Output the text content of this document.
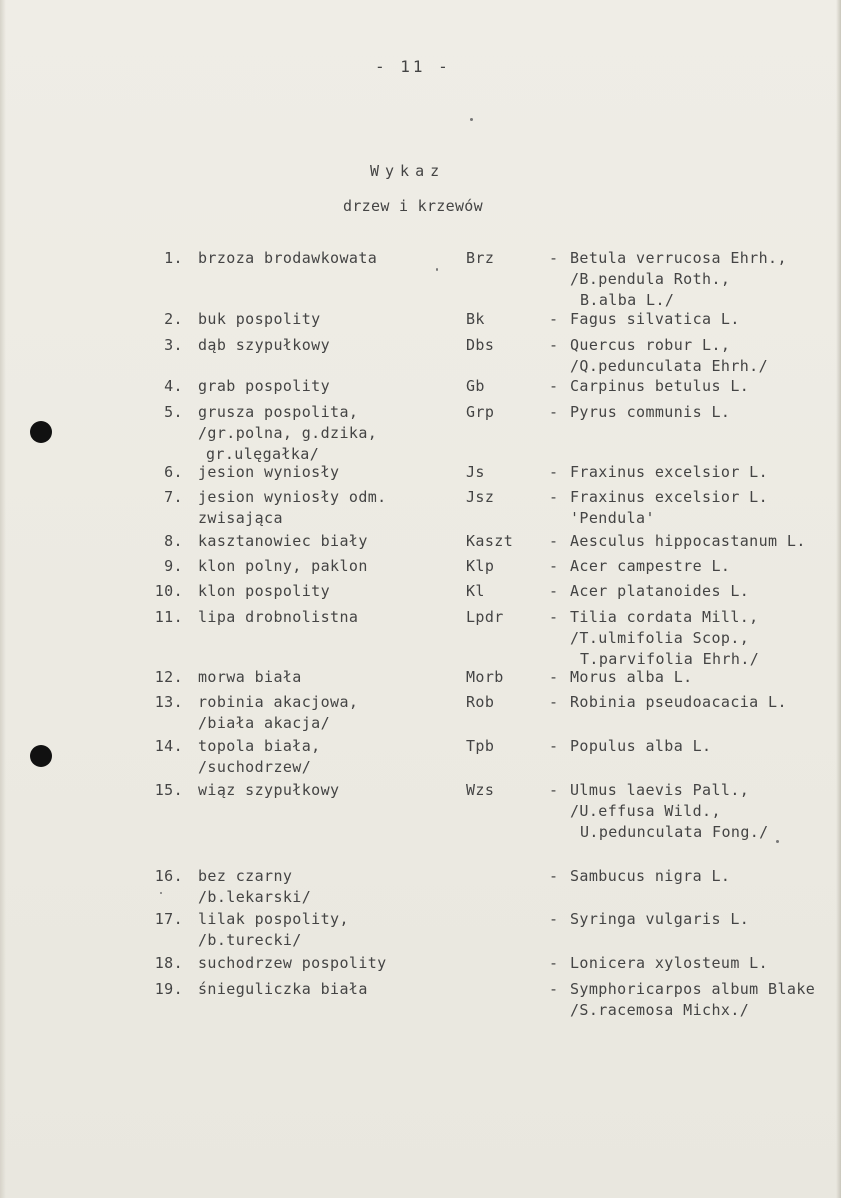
- 11 -
Wykaz
drzew i krzewów
1. brzoza brodawkowata	Brz	- Betula verrucosa Ehrh.,
/B.pendula Roth.,
B.alba L./
2. buk pospolity	Bk	- Fagus silvatica L.
3. dąb szypułkowy	Dbs	- Quercus robur L.,
/Q.pedunculata Ehrh./
4. grab pospolity	Gb	- Carpinus betulus L.
5. grusza pospolita,
/gr.polna, g.dzika,
gr.ulęgałka/
Grp	- Pyrus communis L.
6. jesion wyniosły	Js	- Fraxinus excelsior L.
7. jesion wyniosły odm.
zwisająca
Jsz	- Fraxinus excelsior L.
'Pendula'
8. kasztanowiec biały	Kaszt - Aesculus hippocastanum L.
9. klon polny, paklon	Klp	- Acer campestre L.
10. klon pospolity	Kl	- Acer platanoides L.
11. lipa drobnolistna	Lpdr	- Tilia cordata Mill.,
/T.ulmifolia Scop.,
T.parvifolia Ehrh./
12. morwa biała	Morb	- Morus alba L.
13. robinia akacjowa,
/biała akacja/
Rob	- Robinia pseudoacacia L.
14. topola biała,
/suchodrzew/
Tpb	- Populus alba L.
15. wiąz szypułkowy	Wzs	- Ulmus laevis Pall.,
/U.effusa Wild.,
U.pedunculata Fong./
16. bez czarny
/b.lekarski/
- Sambucus nigra L.
17. lilak pospolity,
/b.turecki/
- Syringa vulgaris L.
18. suchodrzew pospolity	- Lonicera xylosteum L.
19. śnieguliczka biała	- Symphoricarpos album Blake
/S.racemosa Michx./
